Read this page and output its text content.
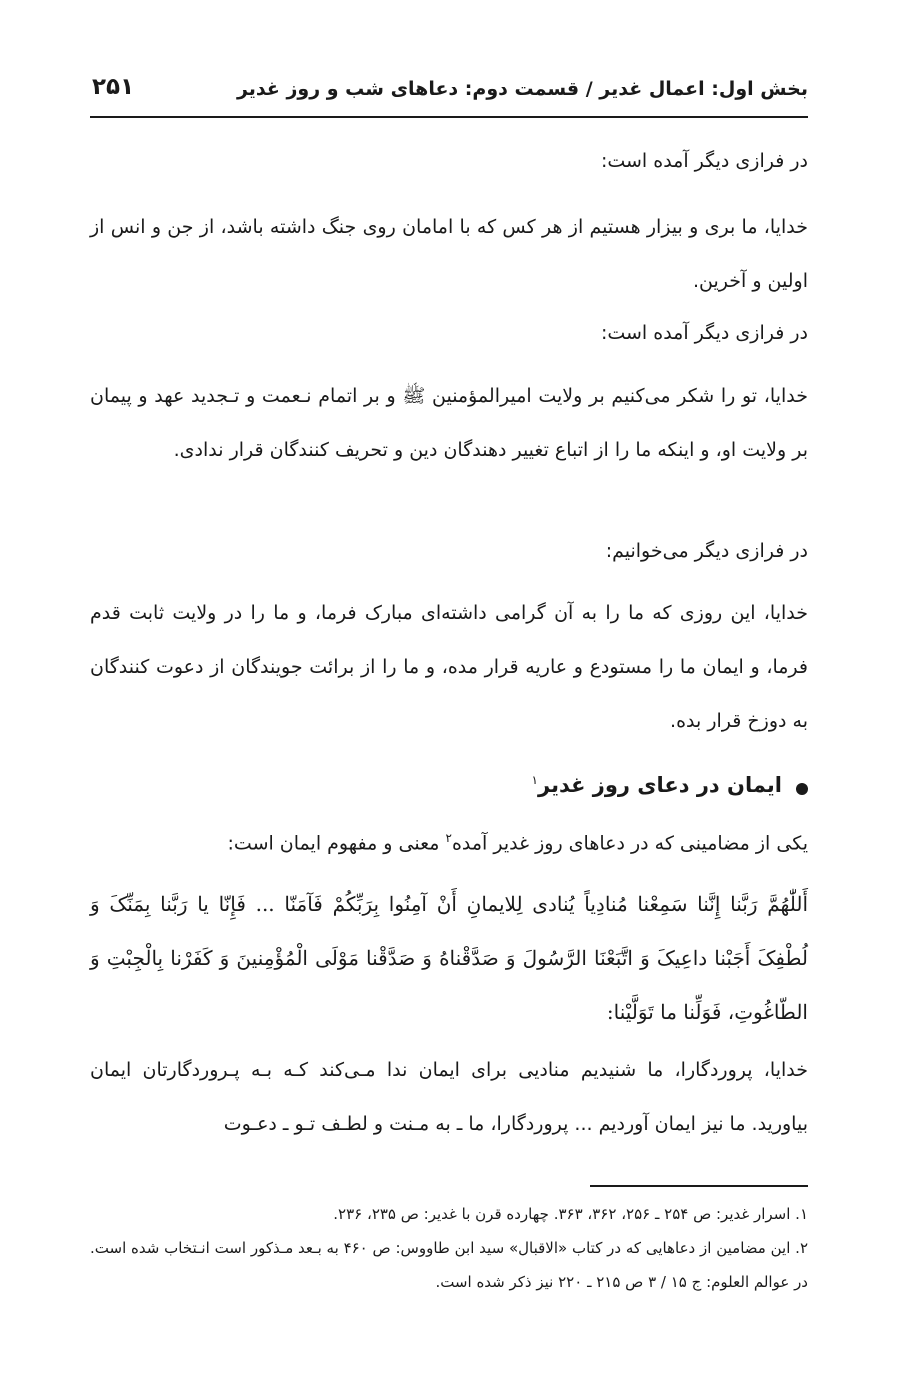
بخش اول: اعمال غدیر / قسمت دوم: دعاهای شب و روز غدیر
۲۵۱

در فرازی دیگر آمده است:

خدایا، ما بری و بیزار هستیم از هر کس که با امامان روی جنگ داشته باشد، از جن و انس از اولین و آخرین.

در فرازی دیگر آمده است:

خدایا، تو را شکر می‌کنیم بر ولایت امیرالمؤمنین ﷺ و بر اتمام نـعمت و تـجدید عهد و پیمان بر ولایت او، و اینکه ما را از اتباع تغییر دهندگان دین و تحریف کنندگان قرار ندادی.

در فرازی دیگر می‌خوانیم:

خدایا، این روزی که ما را به آن گرامی داشته‌ای مبارک فرما، و ما را در ولایت ثابت قدم فرما، و ایمان ما را مستودع و عاریه قرار مده، و ما را از برائت جویندگان از دعوت کنندگان به دوزخ قرار بده.

ایمان در دعای روز غدیر$^۱$

یکی از مضامینی که در دعاهای روز غدیر آمده$^۲$ معنی و مفهوم ایمان است:

أَللّٰهُمَّ رَبَّنا إِنَّنا سَمِعْنا مُنادِیاً یُنادی لِلایمانِ أَنْ آمِنُوا بِرَبِّکُمْ فَآمَنّا ... فَإِنّا یا رَبَّنا بِمَنِّکَ وَ لُطْفِکَ أَجَبْنا داعِیکَ وَ اتَّبَعْنَا الرَّسُولَ وَ صَدَّقْناهُ وَ صَدَّقْنا مَوْلَی الْمُؤْمِنینَ وَ کَفَرْنا بِالْجِبْتِ وَ الطّاغُوتِ، فَوَلِّنا ما تَوَلَّیْنا:

خدایا، پروردگارا، ما شنیدیم منادیی برای ایمان ندا مـی‌کند کـه بـه پـروردگارتان ایمان بیاورید. ما نیز ایمان آوردیم ... پروردگارا، ما ـ به مـنت و لطـف تـو ـ دعـوت

۱. اسرار غدیر: ص ۲۵۴ ـ ۲۵۶، ۳۶۲، ۳۶۳. چهارده قرن با غدیر: ص ۲۳۵، ۲۳۶.

۲. این مضامین از دعاهایی که در کتاب «الاقبال» سید ابن طاووس: ص ۴۶۰ به بـعد مـذکور است انـتخاب شده است. در عوالم العلوم: ج ۱۵ / ۳ ص ۲۱۵ ـ ۲۲۰ نیز ذکر شده است.
